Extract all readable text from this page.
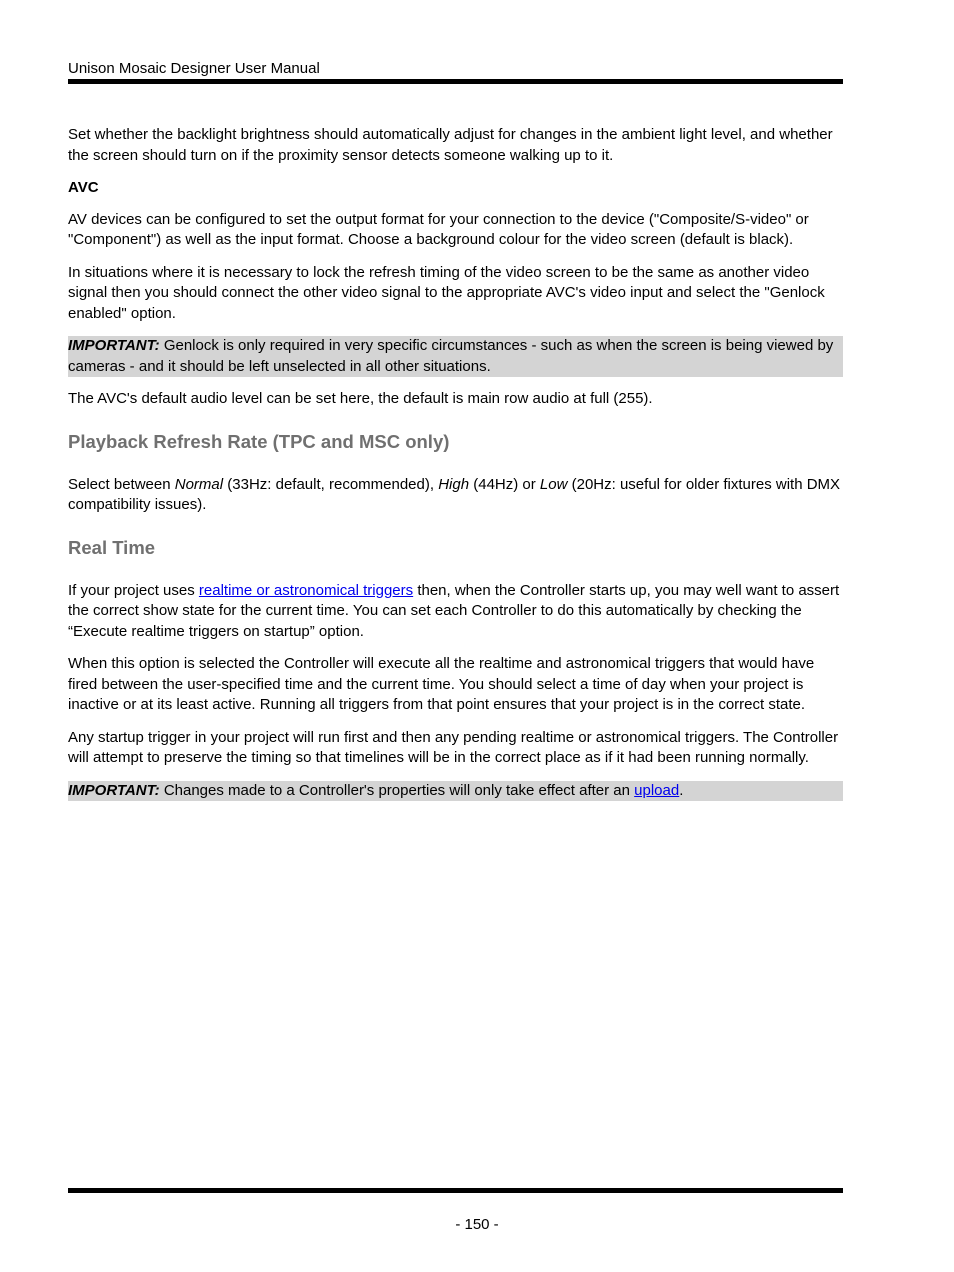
Unison Mosaic Designer User Manual

Set whether the backlight brightness should automatically adjust for changes in the ambient light level, and whether the screen should turn on if the proximity sensor detects someone walking up to it.

AVC

AV devices can be configured to set the output format for your connection to the device ("Composite/S-video" or "Component") as well as the input format. Choose a background colour for the video screen (default is black).

In situations where it is necessary to lock the refresh timing of the video screen to be the same as another video signal then you should connect the other video signal to the appropriate AVC's video input and select the "Genlock enabled" option.

IMPORTANT: Genlock is only required in very specific circumstances - such as when the screen is being viewed by cameras - and it should be left unselected in all other situations.

The AVC's default audio level can be set here, the default is main row audio at full (255).

Playback Refresh Rate (TPC and MSC only)

Select between Normal (33Hz: default, recommended), High (44Hz) or Low (20Hz: useful for older fixtures with DMX compatibility issues).

Real Time

If your project uses realtime or astronomical triggers then, when the Controller starts up, you may well want to assert the correct show state for the current time. You can set each Controller to do this automatically by checking the “Execute realtime triggers on startup” option.

When this option is selected the Controller will execute all the realtime and astronomical triggers that would have fired between the user-specified time and the current time. You should select a time of day when your project is inactive or at its least active. Running all triggers from that point ensures that your project is in the correct state.

Any startup trigger in your project will run first and then any pending realtime or astronomical triggers. The Controller will attempt to preserve the timing so that timelines will be in the correct place as if it had been running normally.

IMPORTANT: Changes made to a Controller's properties will only take effect after an upload.
- 150 -
